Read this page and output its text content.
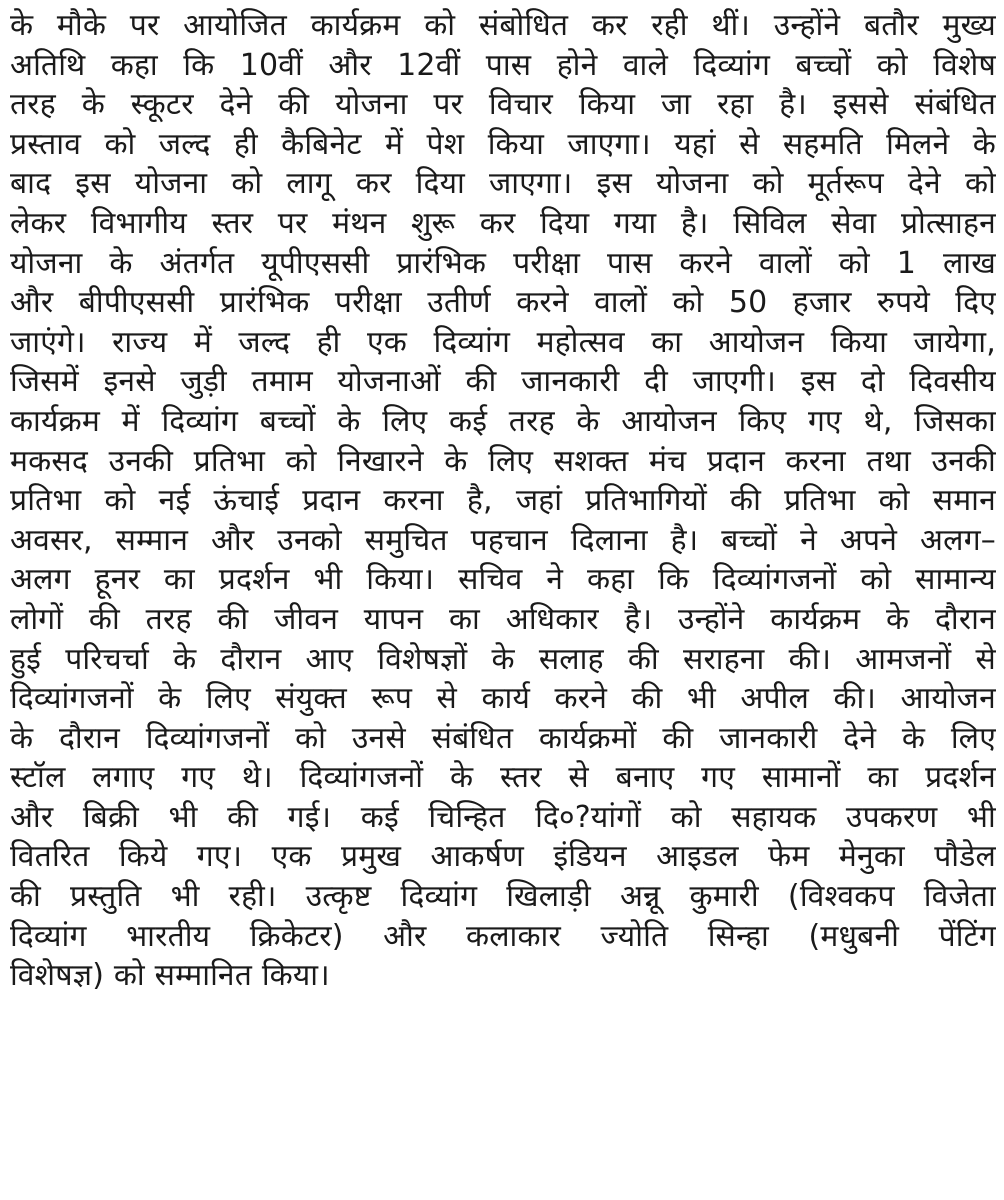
के मौके पर आयोजित कार्यक्रम को संबोधित कर रही थीं। उन्होंने बतौर मुख्य
अतिथि कहा कि 10वीं और 12वीं पास होने वाले दिव्यांग बच्चों को विशेष
तरह के स्कूटर देने की योजना पर विचार किया जा रहा है। इससे संबंधित
प्रस्ताव को जल्द ही कैबिनेट में पेश किया जाएगा। यहां से सहमति मिलने के
बाद इस योजना को लागू कर दिया जाएगा। इस योजना को मूर्तरूप देने को
लेकर विभागीय स्तर पर मंथन शुरू कर दिया गया है। सिविल सेवा प्रोत्साहन
योजना के अंतर्गत यूपीएससी प्रारंभिक परीक्षा पास करने वालों को 1 लाख
और बीपीएससी प्रारंभिक परीक्षा उतीर्ण करने वालों को 50 हजार रुपये दिए
जाएंगे। राज्य में जल्द ही एक दिव्यांग महोत्सव का आयोजन किया जायेगा,
जिसमें इनसे जुड़ी तमाम योजनाओं की जानकारी दी जाएगी। इस दो दिवसीय
कार्यक्रम में दिव्यांग बच्चों के लिए कई तरह के आयोजन किए गए थे, जिसका
मकसद उनकी प्रतिभा को निखारने के लिए सशक्त मंच प्रदान करना तथा उनकी
प्रतिभा को नई ऊंचाई प्रदान करना है, जहां प्रतिभागियों की प्रतिभा को समान
अवसर, सम्मान और उनको समुचित पहचान दिलाना है। बच्चों ने अपने अलग–
अलग हूनर का प्रदर्शन भी किया। सचिव ने कहा कि दिव्यांगजनों को सामान्य
लोगों की तरह की जीवन यापन का अधिकार है। उन्होंने कार्यक्रम के दौरान
हुई परिचर्चा के दौरान आए विशेषज्ञों के सलाह की सराहना की। आमजनों से
दिव्यांगजनों के लिए संयुक्त रूप से कार्य करने की भी अपील की। आयोजन
के दौरान दिव्यांगजनों को उनसे संबंधित कार्यक्रमों की जानकारी देने के लिए
स्टॉल लगाए गए थे। दिव्यांगजनों के स्तर से बनाए गए सामानों का प्रदर्शन
और बिक्री भी की गई। कई चिन्हित दि०?यांगों को सहायक उपकरण भी
वितरित किये गए। एक प्रमुख आकर्षण इंडियन आइडल फेम मेनुका पौडेल
की प्रस्तुति भी रही। उत्कृष्ट दिव्यांग खिलाड़ी अन्नू कुमारी (विश्वकप विजेता
दिव्यांग भारतीय क्रिकेटर) और कलाकार ज्योति सिन्हा (मधुबनी पेंटिंग
विशेषज्ञ) को सम्मानित किया।
